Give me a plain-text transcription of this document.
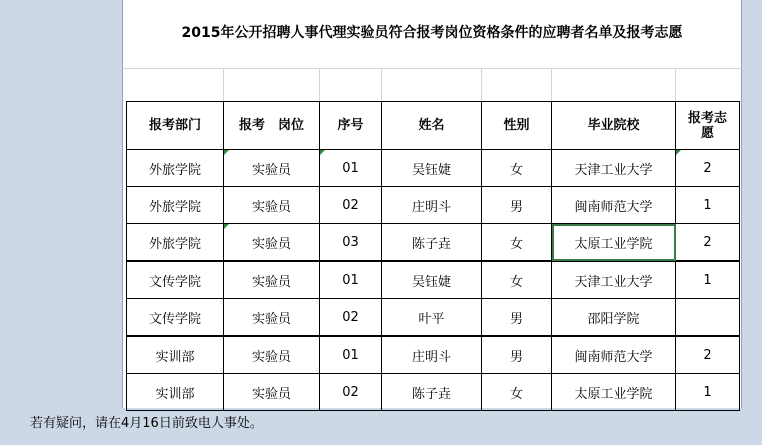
2015年公开招聘人事代理实验员符合报考岗位资格条件的应聘者名单及报考志愿
报考部门	报考　岗位	序号	姓名	性别	毕业院校	报考志愿
外旅学院	实验员	01	吴钰婕	女	天津工业大学	2
外旅学院	实验员	02	庄明斗	男	闽南师范大学	1
外旅学院	实验员	03	陈子垚	女	太原工业学院	2
文传学院	实验员	01	吴钰婕	女	天津工业大学	1
文传学院	实验员	02	叶平	男	邵阳学院	
实训部	实验员	01	庄明斗	男	闽南师范大学	2
实训部	实验员	02	陈子垚	女	太原工业学院	1
若有疑问，请在4月16日前致电人事处。
